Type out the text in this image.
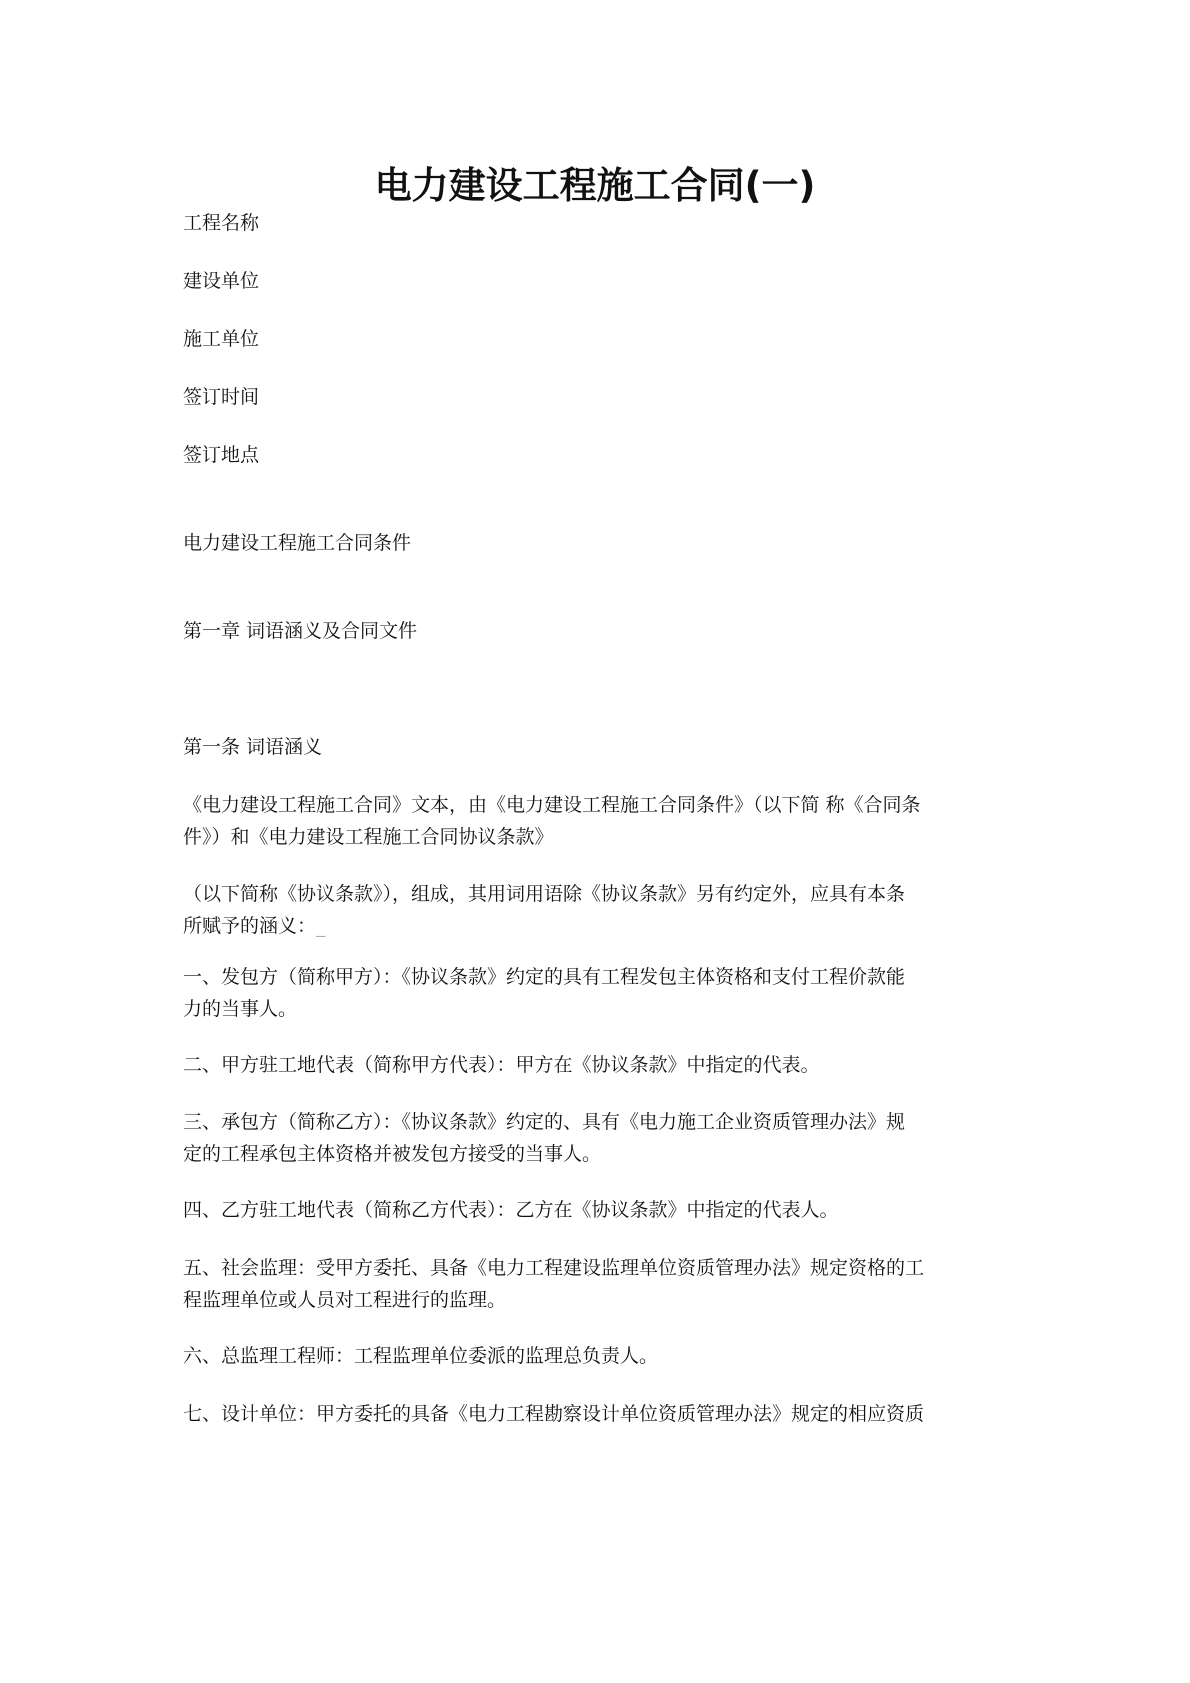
电力建设工程施工合同(一)
工程名称
建设单位
施工单位
签订时间
签订地点
电力建设工程施工合同条件
第一章 词语涵义及合同文件
第一条 词语涵义
《电力建设工程施工合同》文本，由《电力建设工程施工合同条件》（以下简 称《合同条
件》）和《电力建设工程施工合同协议条款》
（以下简称《协议条款》），组成，其用词用语除《协议条款》另有约定外，应具有本条
所赋予的涵义：_
一、发包方（简称甲方）：《协议条款》约定的具有工程发包主体资格和支付工程价款能
力的当事人。
二、甲方驻工地代表（简称甲方代表）：甲方在《协议条款》中指定的代表。
三、承包方（简称乙方）：《协议条款》约定的、具有《电力施工企业资质管理办法》规
定的工程承包主体资格并被发包方接受的当事人。
四、乙方驻工地代表（简称乙方代表）：乙方在《协议条款》中指定的代表人。
五、社会监理：受甲方委托、具备《电力工程建设监理单位资质管理办法》规定资格的工
程监理单位或人员对工程进行的监理。
六、总监理工程师：工程监理单位委派的监理总负责人。
七、设计单位：甲方委托的具备《电力工程勘察设计单位资质管理办法》规定的相应资质
